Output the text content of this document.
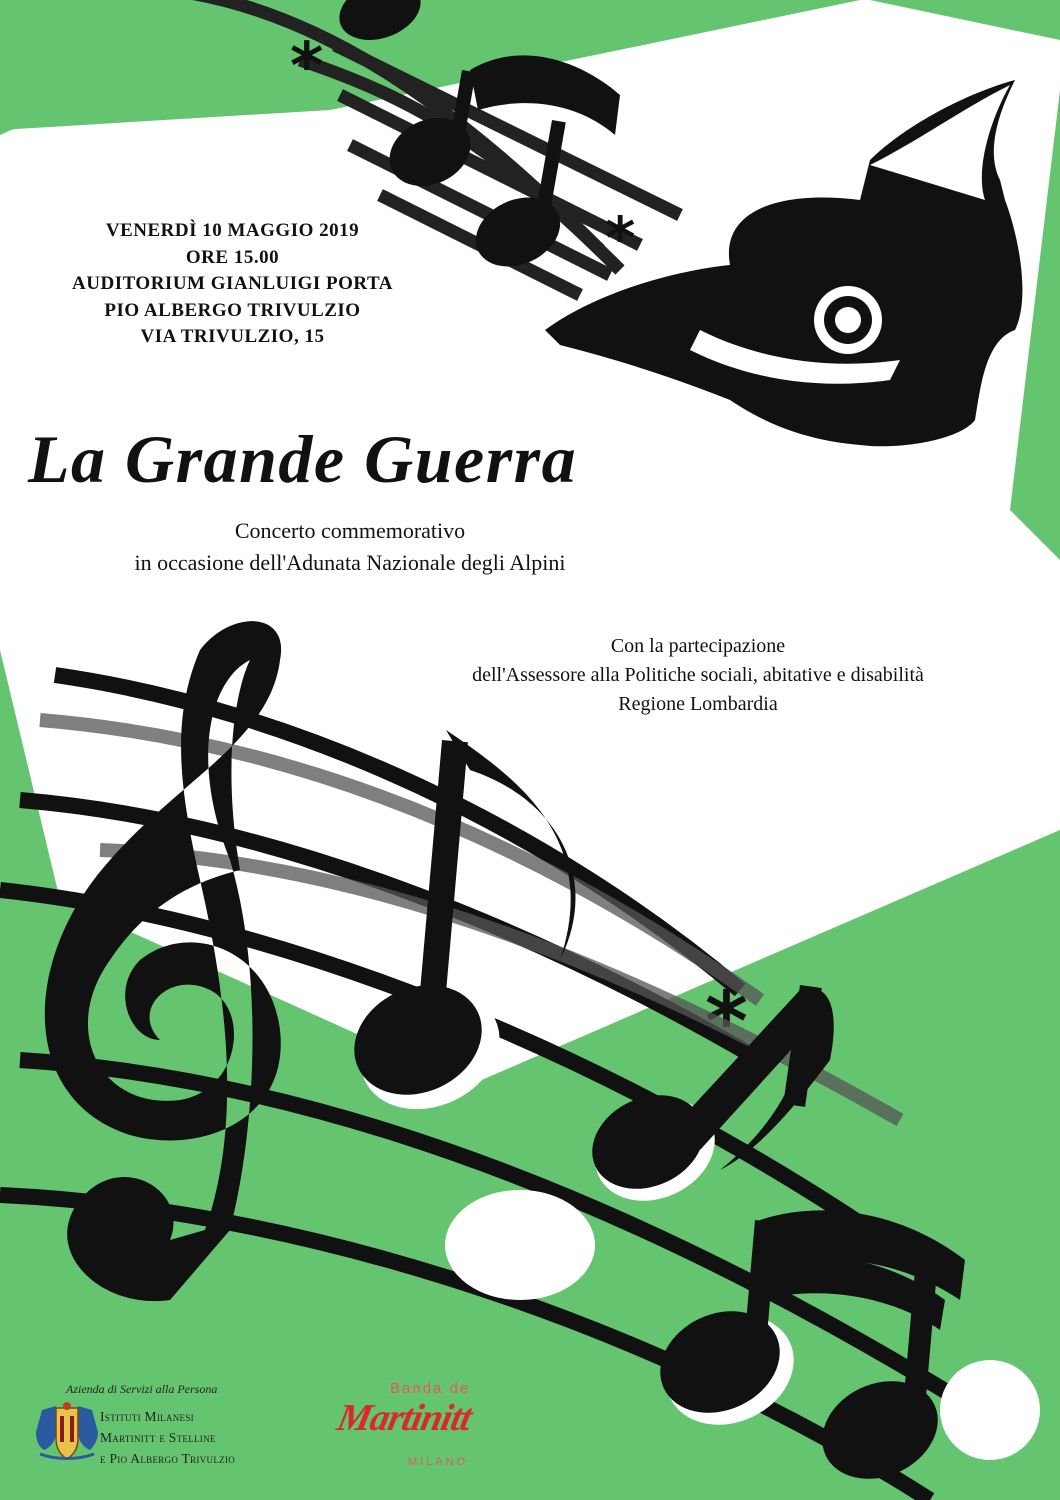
*
*
*
VENERDÌ 10 MAGGIO 2019
ORE 15.00
AUDITORIUM GIANLUIGI PORTA
PIO ALBERGO TRIVULZIO
VIA TRIVULZIO, 15
La Grande Guerra
Concerto commemorativo
in occasione dell'Adunata Nazionale degli Alpini
Con la partecipazione
dell'Assessore alla Politiche sociali, abitative e disabilità
Regione Lombardia
Azienda di Servizi alla Persona
Istituti Milanesi
Martinitt e Stelline
e Pio Albergo Trivulzio
Banda de
Martinitt
MILANO
